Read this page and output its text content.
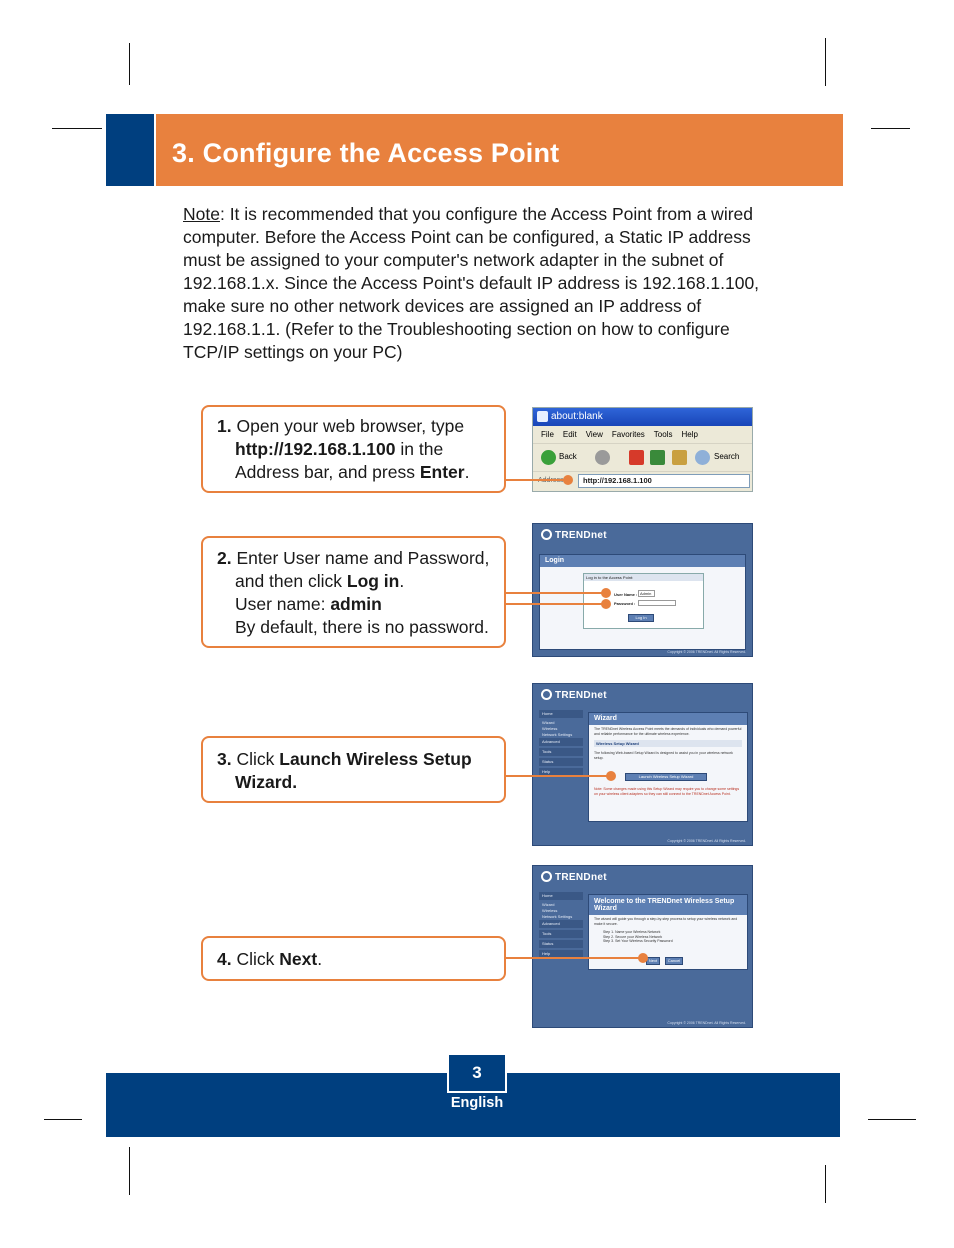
3. Configure the Access Point
Note: It is recommended that you configure the Access Point from a wired computer. Before the Access Point can be configured, a Static IP address must be assigned to your computer's network adapter in the subnet of 192.168.1.x. Since the Access Point's default IP address is 192.168.1.100, make sure no other network devices are assigned an IP address of 192.168.1.1. (Refer to the Troubleshooting section on how to configure TCP/IP settings on your PC)
1. Open your web browser, type
http://192.168.1.100 in the
Address bar, and press Enter.
2. Enter User name and Password,
and then click Log in.
User name: admin
By default, there is no password.
3. Click Launch Wireless Setup
Wizard.
4. Click Next.
about:blank
File Edit View Favorites Tools Help
Back	Search
http://192.168.1.100
TRENDnet
Login
Log in to the Access Point:
User Name : Admin
Password :
Log In
Copyright © 2006 TRENDnet. All Rights Reserved.
TRENDnet
Home
Wizard
Wireless
Network Settings
Advanced
Tools
Status
Help
Wizard
The TRENDnet Wireless Access Point meets the demands of individuals who demand powerful and reliable performance for the ultimate wireless experience.
Wireless Setup Wizard
The following Web-based Setup Wizard is designed to assist you in your wireless network setup.
Launch Wireless Setup Wizard
Note: Some changes made using this Setup Wizard may require you to change some settings on your wireless client adapters so they can still connect to the TRENDnet Access Point.
Copyright © 2006 TRENDnet. All Rights Reserved.
TRENDnet
Home
Wizard
Wireless
Network Settings
Advanced
Tools
Status
Help
Welcome to the TRENDnet Wireless Setup Wizard
The wizard will guide you through a step-by-step process to setup your wireless network and make it secure.
Step 1. Name your Wireless Network
Step 2. Secure your Wireless Network
Step 3. Set Your Wireless Security Password
Next	Cancel
Copyright © 2006 TRENDnet. All Rights Reserved.
3
English
